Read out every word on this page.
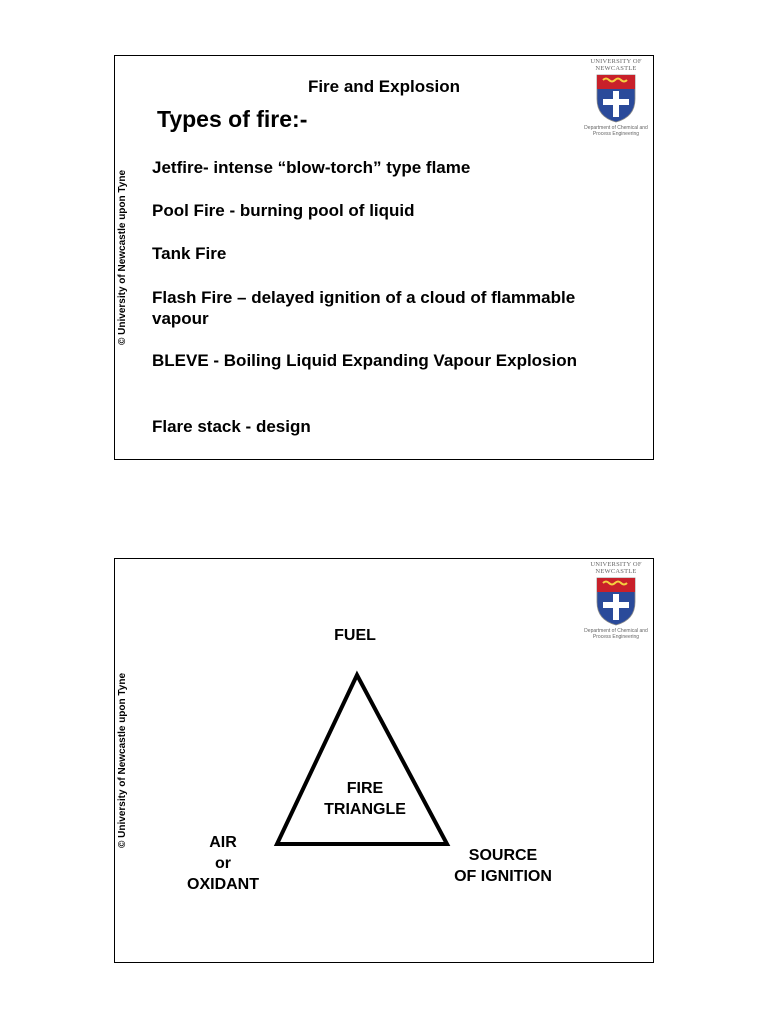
© University of Newcastle upon Tyne
UNIVERSITY OF
NEWCASTLE
Department of Chemical and
Process Engineering
Fire and Explosion
Types of fire:-
Jetfire- intense “blow-torch” type flame
Pool Fire - burning pool of liquid
Tank Fire
Flash Fire – delayed ignition of a cloud of flammable vapour
BLEVE - Boiling Liquid Expanding Vapour Explosion
Flare stack - design
© University of Newcastle upon Tyne
UNIVERSITY OF
NEWCASTLE
Department of Chemical and
Process Engineering
FUEL
FIRE
TRIANGLE
AIR
or
OXIDANT
SOURCE
OF IGNITION
